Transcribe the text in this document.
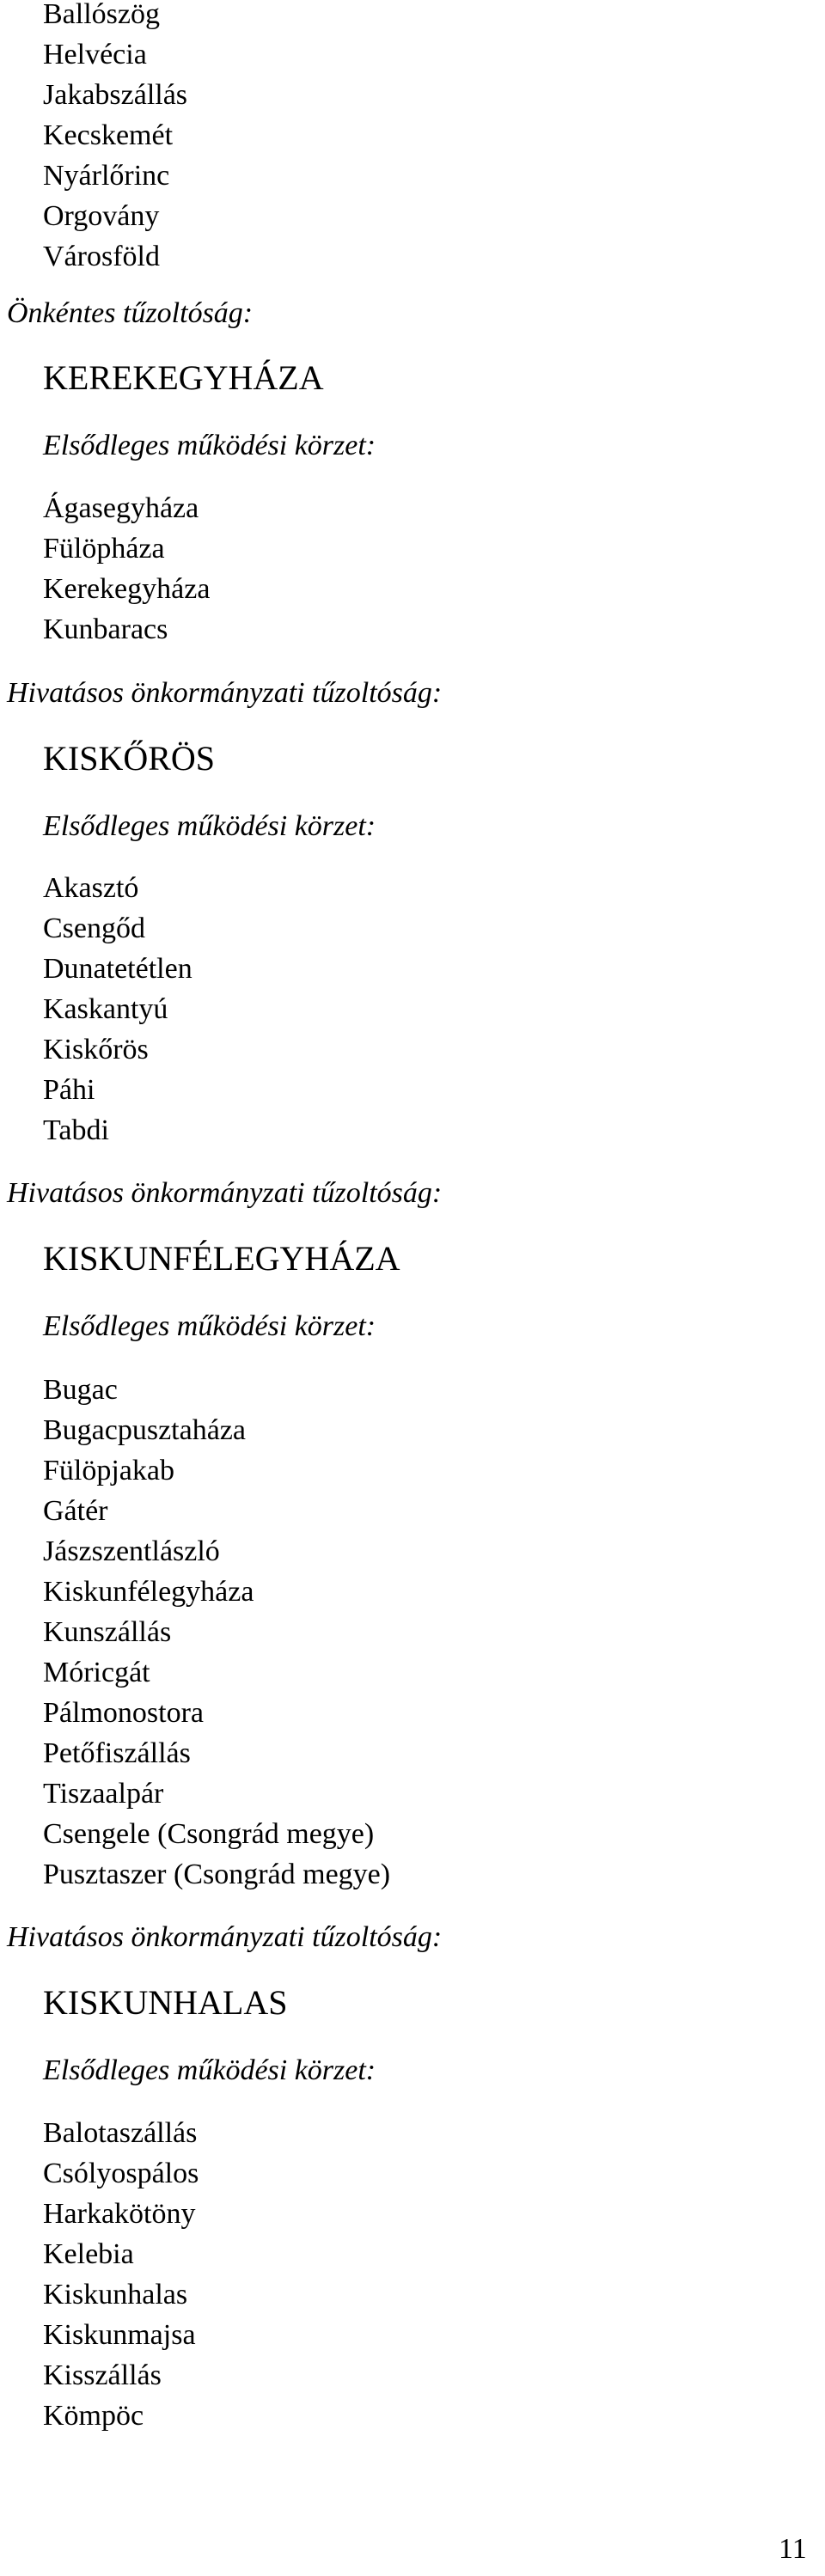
Ballószög
Helvécia
Jakabszállás
Kecskemét
Nyárlőrinc
Orgovány
Városföld
Önkéntes tűzoltóság:
KEREKEGYHÁZA
Elsődleges működési körzet:
Ágasegyháza
Fülöpháza
Kerekegyháza
Kunbaracs
Hivatásos önkormányzati tűzoltóság:
KISKŐRÖS
Elsődleges működési körzet:
Akasztó
Csengőd
Dunatetétlen
Kaskantyú
Kiskőrös
Páhi
Tabdi
Hivatásos önkormányzati tűzoltóság:
KISKUNFÉLEGYHÁZA
Elsődleges működési körzet:
Bugac
Bugacpusztaháza
Fülöpjakab
Gátér
Jászszentlászló
Kiskunfélegyháza
Kunszállás
Móricgát
Pálmonostora
Petőfiszállás
Tiszaalpár
Csengele (Csongrád megye)
Pusztaszer (Csongrád megye)
Hivatásos önkormányzati tűzoltóság:
KISKUNHALAS
Elsődleges működési körzet:
Balotaszállás
Csólyospálos
Harkakötöny
Kelebia
Kiskunhalas
Kiskunmajsa
Kisszállás
Kömpöc
11
